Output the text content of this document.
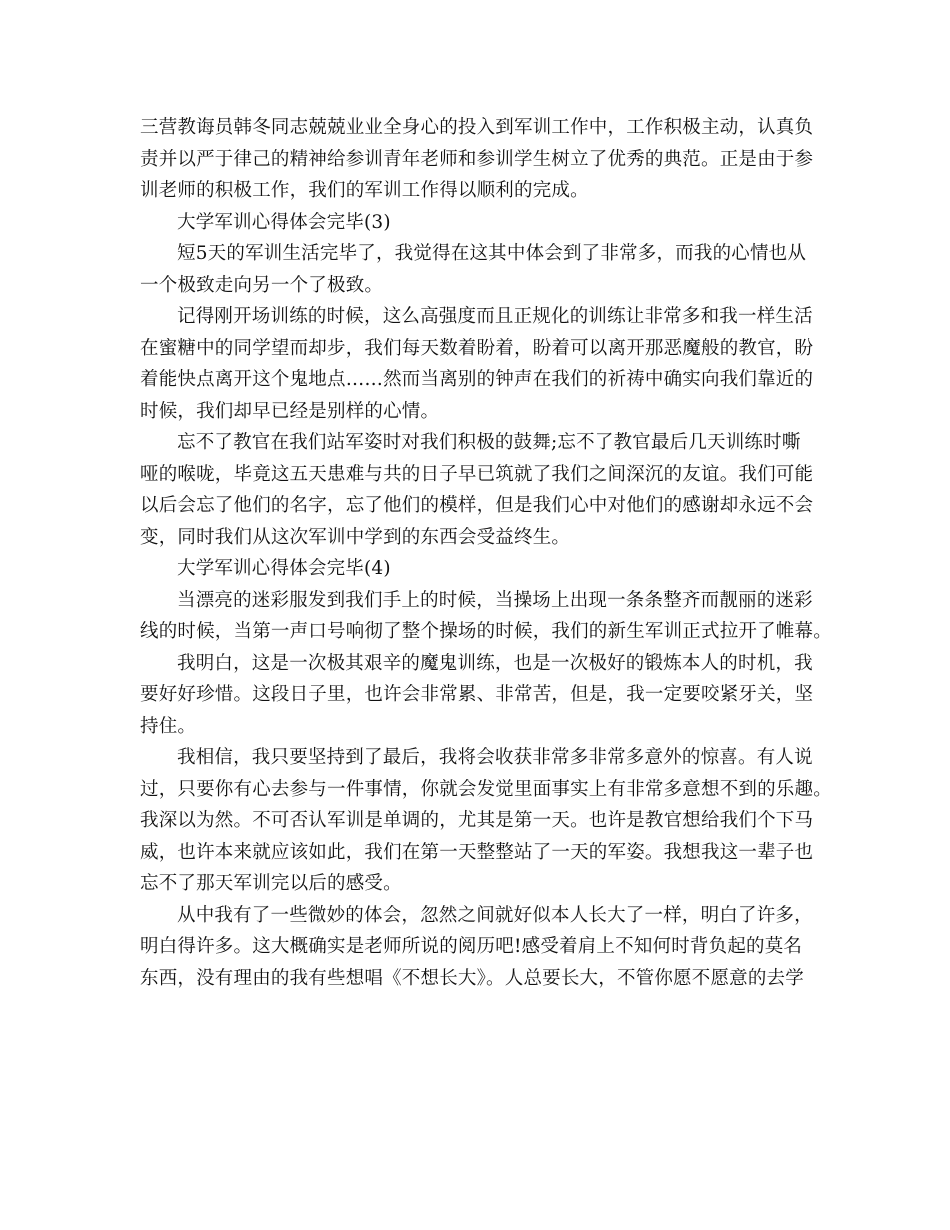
三营教诲员韩冬同志兢兢业业全身心的投入到军训工作中，工作积极主动，认真负
责并以严于律己的精神给参训青年老师和参训学生树立了优秀的典范。正是由于参
训老师的积极工作，我们的军训工作得以顺利的完成。
大学军训心得体会完毕(3)
短5天的军训生活完毕了，我觉得在这其中体会到了非常多，而我的心情也从
一个极致走向另一个了极致。
记得刚开场训练的时候，这么高强度而且正规化的训练让非常多和我一样生活
在蜜糖中的同学望而却步，我们每天数着盼着，盼着可以离开那恶魔般的教官，盼
着能快点离开这个鬼地点……然而当离别的钟声在我们的祈祷中确实向我们靠近的
时候，我们却早已经是别样的心情。
忘不了教官在我们站军姿时对我们积极的鼓舞;忘不了教官最后几天训练时嘶
哑的喉咙，毕竟这五天患难与共的日子早已筑就了我们之间深沉的友谊。我们可能
以后会忘了他们的名字，忘了他们的模样，但是我们心中对他们的感谢却永远不会
变，同时我们从这次军训中学到的东西会受益终生。
大学军训心得体会完毕(4)
当漂亮的迷彩服发到我们手上的时候，当操场上出现一条条整齐而靓丽的迷彩
线的时候，当第一声口号响彻了整个操场的时候，我们的新生军训正式拉开了帷幕。
我明白，这是一次极其艰辛的魔鬼训练，也是一次极好的锻炼本人的时机，我
要好好珍惜。这段日子里，也许会非常累、非常苦，但是，我一定要咬紧牙关，坚
持住。
我相信，我只要坚持到了最后，我将会收获非常多非常多意外的惊喜。有人说
过，只要你有心去参与一件事情，你就会发觉里面事实上有非常多意想不到的乐趣。
我深以为然。不可否认军训是单调的，尤其是第一天。也许是教官想给我们个下马
威，也许本来就应该如此，我们在第一天整整站了一天的军姿。我想我这一辈子也
忘不了那天军训完以后的感受。
从中我有了一些微妙的体会，忽然之间就好似本人长大了一样，明白了许多，
明白得许多。这大概确实是老师所说的阅历吧!感受着肩上不知何时背负起的莫名
东西，没有理由的我有些想唱《不想长大》。人总要长大，不管你愿不愿意的去学
